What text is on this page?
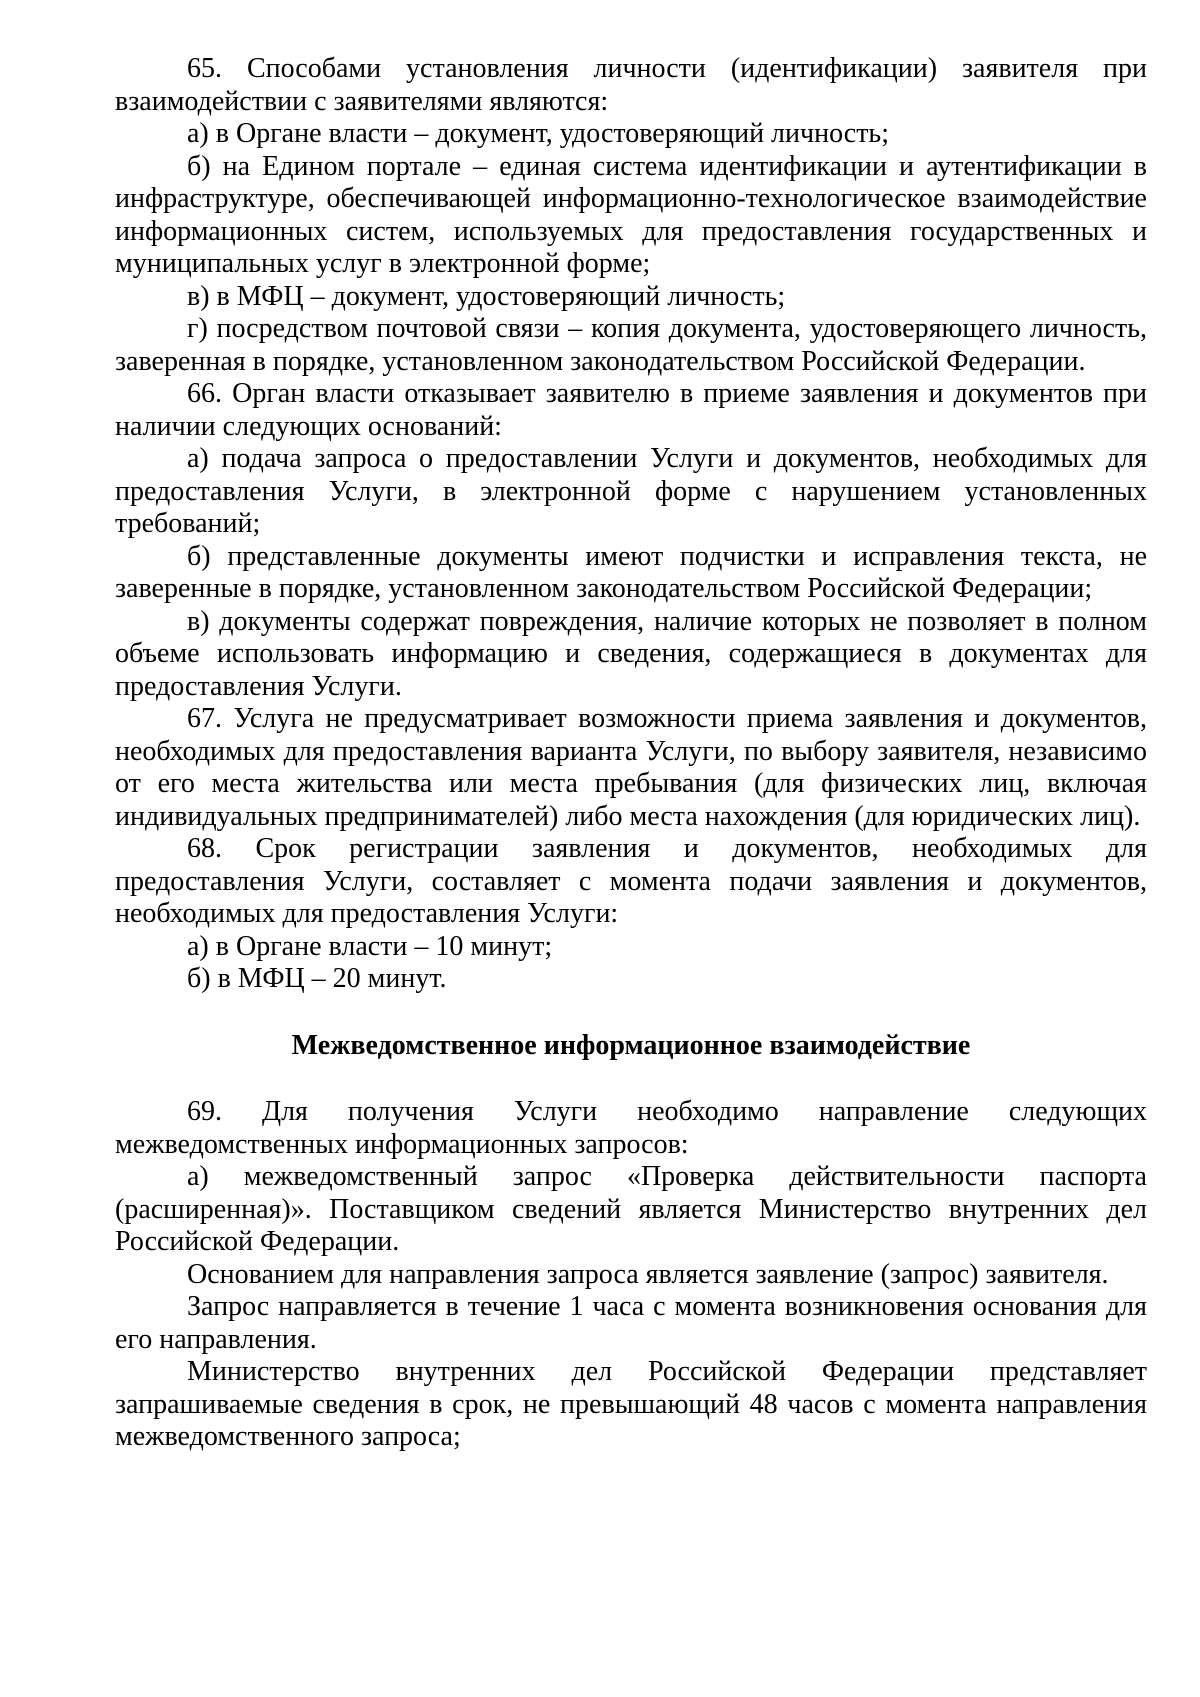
65. Способами установления личности (идентификации) заявителя при взаимодействии с заявителями являются:

а) в Органе власти – документ, удостоверяющий личность;

б) на Едином портале – единая система идентификации и аутентификации в инфраструктуре, обеспечивающей информационно-технологическое взаимодействие информационных систем, используемых для предоставления государственных и муниципальных услуг в электронной форме;

в) в МФЦ – документ, удостоверяющий личность;

г) посредством почтовой связи – копия документа, удостоверяющего личность, заверенная в порядке, установленном законодательством Российской Федерации.

66. Орган власти отказывает заявителю в приеме заявления и документов при наличии следующих оснований:

а) подача запроса о предоставлении Услуги и документов, необходимых для предоставления Услуги, в электронной форме с нарушением установленных требований;

б) представленные документы имеют подчистки и исправления текста, не заверенные в порядке, установленном законодательством Российской Федерации;

в) документы содержат повреждения, наличие которых не позволяет в полном объеме использовать информацию и сведения, содержащиеся в документах для предоставления Услуги.

67. Услуга не предусматривает возможности приема заявления и документов, необходимых для предоставления варианта Услуги, по выбору заявителя, независимо от его места жительства или места пребывания (для физических лиц, включая индивидуальных предпринимателей) либо места нахождения (для юридических лиц).

68. Срок регистрации заявления и документов, необходимых для предоставления Услуги, составляет с момента подачи заявления и документов, необходимых для предоставления Услуги:

а) в Органе власти – 10 минут;

б) в МФЦ – 20 минут.

Межведомственное информационное взаимодействие

69. Для получения Услуги необходимо направление следующих межведомственных информационных запросов:

а) межведомственный запрос «Проверка действительности паспорта (расширенная)». Поставщиком сведений является Министерство внутренних дел Российской Федерации.

Основанием для направления запроса является заявление (запрос) заявителя.

Запрос направляется в течение 1 часа с момента возникновения основания для его направления.

Министерство внутренних дел Российской Федерации представляет запрашиваемые сведения в срок, не превышающий 48 часов с момента направления межведомственного запроса;
